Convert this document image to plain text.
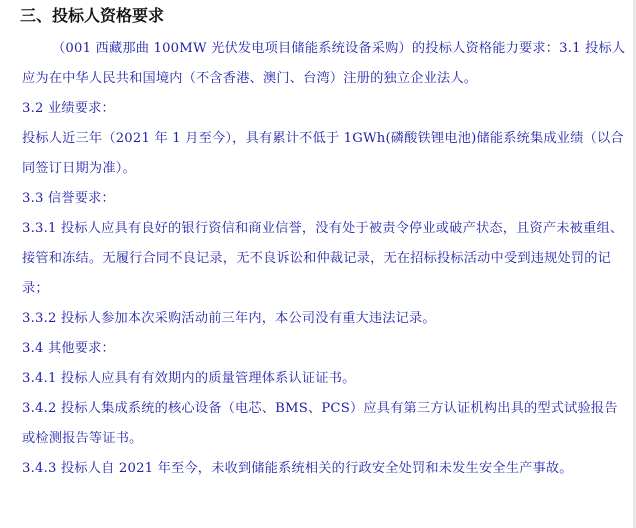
三、投标人资格要求

（001 西藏那曲 100MW 光伏发电项目储能系统设备采购）的投标人资格能力要求：3.1 投标人应为在中华人民共和国境内（不含香港、澳门、台湾）注册的独立企业法人。

3.2 业绩要求：

投标人近三年（2021 年 1 月至今），具有累计不低于 1GWh(磷酸铁锂电池)储能系统集成业绩（以合同签订日期为准）。

3.3 信誉要求：

3.3.1 投标人应具有良好的银行资信和商业信誉，没有处于被责令停业或破产状态，且资产未被重组、接管和冻结。无履行合同不良记录，无不良诉讼和仲裁记录，无在招标投标活动中受到违规处罚的记录；

3.3.2 投标人参加本次采购活动前三年内，本公司没有重大违法记录。

3.4 其他要求：

3.4.1 投标人应具有有效期内的质量管理体系认证证书。

3.4.2 投标人集成系统的核心设备（电芯、BMS、PCS）应具有第三方认证机构出具的型式试验报告或检测报告等证书。

3.4.3 投标人自 2021 年至今，未收到储能系统相关的行政安全处罚和未发生安全生产事故。
